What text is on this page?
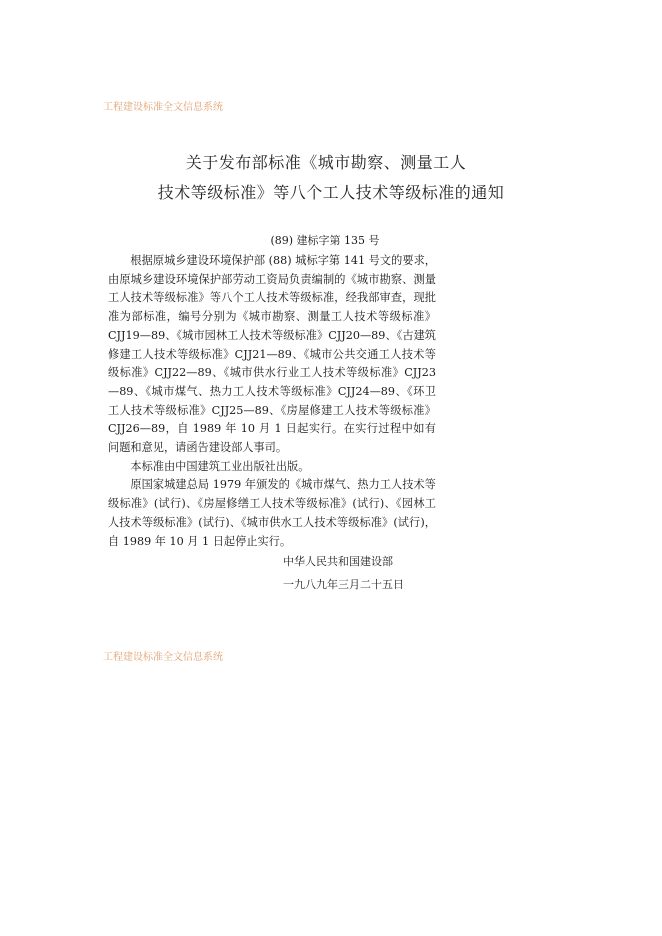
工程建设标准全文信息系统
关于发布部标准《城市勘察、测量工人
技术等级标准》等八个工人技术等级标准的通知
(89) 建标字第 135 号

根据原城乡建设环境保护部 (88) 城标字第 141 号文的要求，由原城乡建设环境保护部劳动工资局负责编制的《城市勘察、测量工人技术等级标准》等八个工人技术等级标准，经我部审查，现批准为部标准，编号分别为《城市勘察、测量工人技术等级标准》CJJ19—89、《城市园林工人技术等级标准》CJJ20—89、《古建筑修建工人技术等级标准》CJJ21—89、《城市公共交通工人技术等级标准》CJJ22—89、《城市供水行业工人技术等级标准》CJJ23—89、《城市煤气、热力工人技术等级标准》CJJ24—89、《环卫工人技术等级标准》CJJ25—89、《房屋修建工人技术等级标准》CJJ26—89，自 1989 年 10 月 1 日起实行。在实行过程中如有问题和意见，请函告建设部人事司。

本标准由中国建筑工业出版社出版。

原国家城建总局 1979 年颁发的《城市煤气、热力工人技术等级标准》(试行)、《房屋修缮工人技术等级标准》(试行)、《园林工人技术等级标准》(试行)、《城市供水工人技术等级标准》(试行)，自 1989 年 10 月 1 日起停止实行。

中华人民共和国建设部
一九八九年三月二十五日
工程建设标准全文信息系统
